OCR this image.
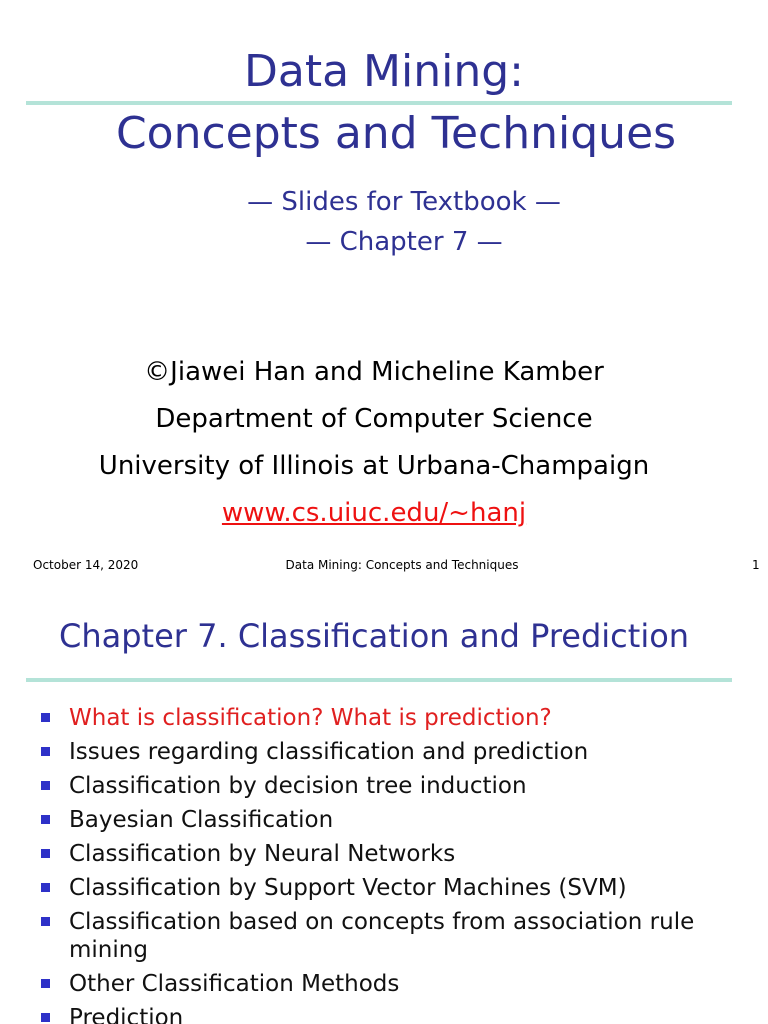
Data Mining:
Concepts and Techniques
— Slides for Textbook —
— Chapter 7 —
©Jiawei Han and Micheline Kamber
Department of Computer Science
University of Illinois at Urbana-Champaign
www.cs.uiuc.edu/~hanj
October 14, 2020	Data Mining: Concepts and Techniques	1
Chapter 7. Classification and Prediction
What is classification? What is prediction?
Issues regarding classification and prediction
Classification by decision tree induction
Bayesian Classification
Classification by Neural Networks
Classification by Support Vector Machines (SVM)
Classification based on concepts from association rule mining
Other Classification Methods
Prediction
